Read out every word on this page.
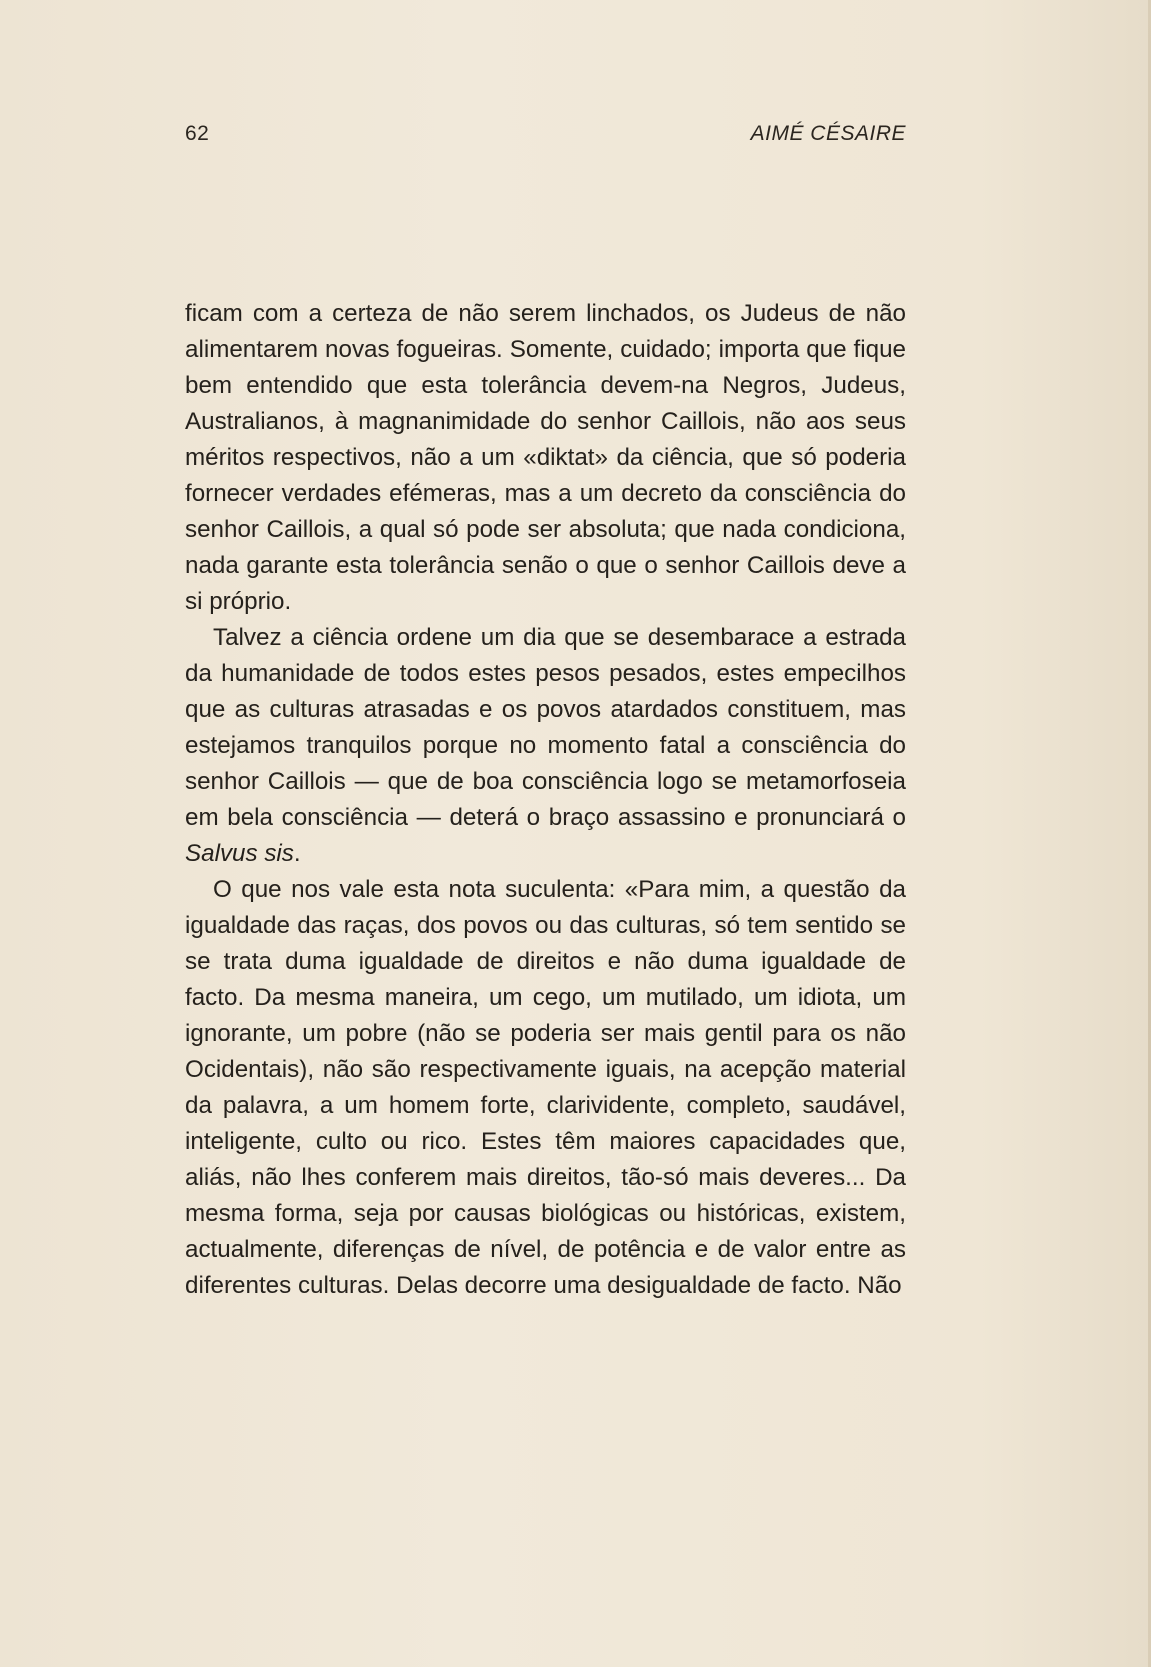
62	AIMÉ CÉSAIRE

ficam com a certeza de não serem linchados, os Judeus de não alimentarem novas fogueiras. Somente, cuidado; importa que fique bem entendido que esta tolerância devem-na Negros, Judeus, Australianos, à magnanimidade do senhor Caillois, não aos seus méritos respectivos, não a um «diktat» da ciência, que só poderia fornecer verdades efémeras, mas a um decreto da consciência do senhor Caillois, a qual só pode ser absoluta; que nada condiciona, nada garante esta tolerância senão o que o senhor Caillois deve a si próprio.

Talvez a ciência ordene um dia que se desembarace a estrada da humanidade de todos estes pesos pesados, estes empecilhos que as culturas atrasadas e os povos atardados constituem, mas estejamos tranquilos porque no momento fatal a consciência do senhor Caillois — que de boa consciência logo se metamorfoseia em bela consciência — deterá o braço assassino e pronunciará o Salvus sis.

O que nos vale esta nota suculenta: «Para mim, a questão da igualdade das raças, dos povos ou das culturas, só tem sentido se se trata duma igualdade de direitos e não duma igualdade de facto. Da mesma maneira, um cego, um mutilado, um idiota, um ignorante, um pobre (não se poderia ser mais gentil para os não Ocidentais), não são respectivamente iguais, na acepção material da palavra, a um homem forte, clarividente, completo, saudável, inteligente, culto ou rico. Estes têm maiores capacidades que, aliás, não lhes conferem mais direitos, tão-só mais deveres... Da mesma forma, seja por causas biológicas ou históricas, existem, actualmente, diferenças de nível, de potência e de valor entre as diferentes culturas. Delas decorre uma desigualdade de facto. Não
